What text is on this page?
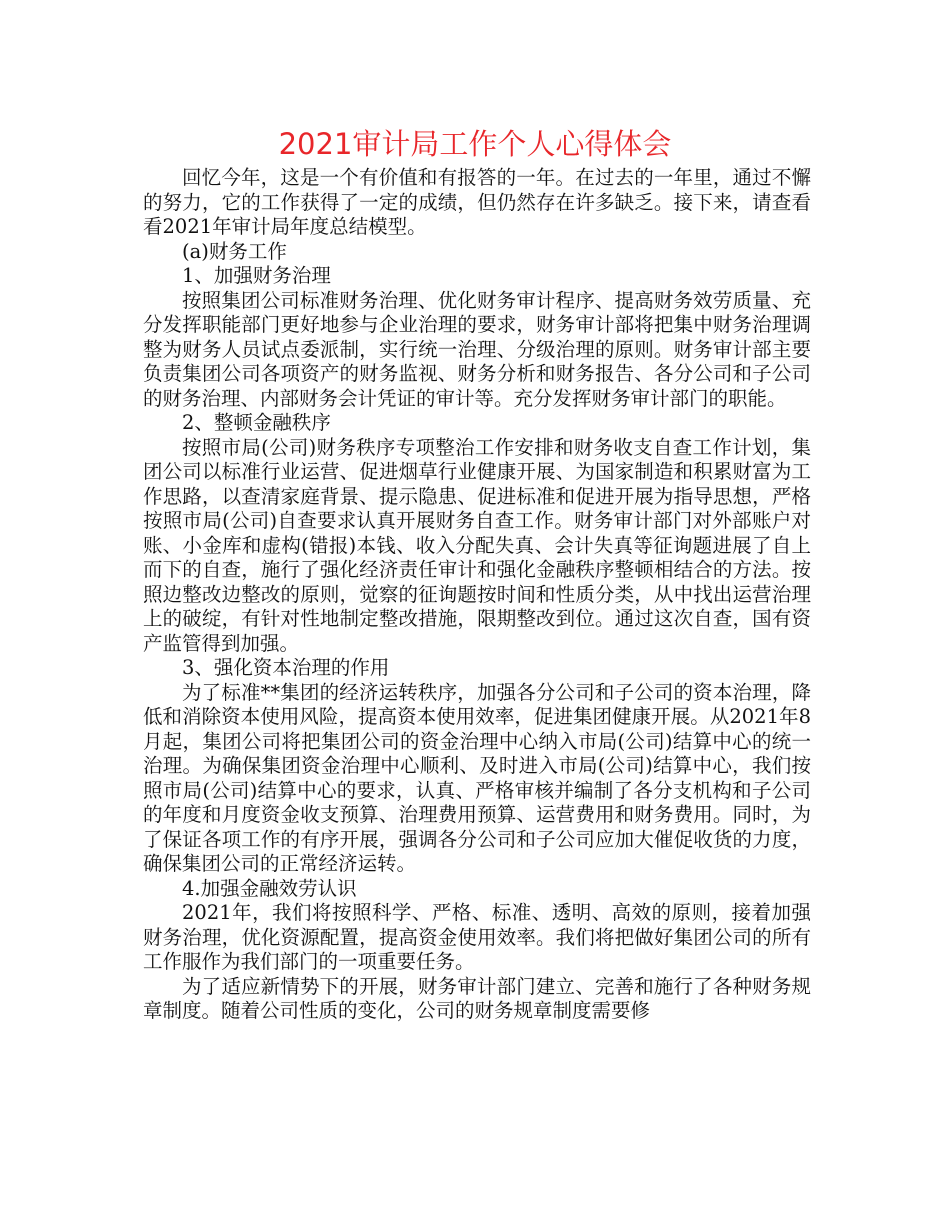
2021审计局工作个人心得体会

回忆今年，这是一个有价值和有报答的一年。在过去的一年里，通过不懈的努力，它的工作获得了一定的成绩，但仍然存在许多缺乏。接下来，请查看看2021年审计局年度总结模型。

(a)财务工作

1、加强财务治理

按照集团公司标准财务治理、优化财务审计程序、提高财务效劳质量、充分发挥职能部门更好地参与企业治理的要求，财务审计部将把集中财务治理调整为财务人员试点委派制，实行统一治理、分级治理的原则。财务审计部主要负责集团公司各项资产的财务监视、财务分析和财务报告、各分公司和子公司的财务治理、内部财务会计凭证的审计等。充分发挥财务审计部门的职能。

2、整顿金融秩序

按照市局(公司)财务秩序专项整治工作安排和财务收支自查工作计划，集团公司以标准行业运营、促进烟草行业健康开展、为国家制造和积累财富为工作思路，以查清家庭背景、提示隐患、促进标准和促进开展为指导思想，严格按照市局(公司)自查要求认真开展财务自查工作。财务审计部门对外部账户对账、小金库和虚构(错报)本钱、收入分配失真、会计失真等征询题进展了自上而下的自查，施行了强化经济责任审计和强化金融秩序整顿相结合的方法。按照边整改边整改的原则，觉察的征询题按时间和性质分类，从中找出运营治理上的破绽，有针对性地制定整改措施，限期整改到位。通过这次自查，国有资产监管得到加强。

3、强化资本治理的作用

为了标准**集团的经济运转秩序，加强各分公司和子公司的资本治理，降低和消除资本使用风险，提高资本使用效率，促进集团健康开展。从2021年8月起，集团公司将把集团公司的资金治理中心纳入市局(公司)结算中心的统一治理。为确保集团资金治理中心顺利、及时进入市局(公司)结算中心，我们按照市局(公司)结算中心的要求，认真、严格审核并编制了各分支机构和子公司的年度和月度资金收支预算、治理费用预算、运营费用和财务费用。同时，为了保证各项工作的有序开展，强调各分公司和子公司应加大催促收货的力度，确保集团公司的正常经济运转。

4.加强金融效劳认识

2021年，我们将按照科学、严格、标准、透明、高效的原则，接着加强财务治理，优化资源配置，提高资金使用效率。我们将把做好集团公司的所有工作服作为我们部门的一项重要任务。

为了适应新情势下的开展，财务审计部门建立、完善和施行了各种财务规章制度。随着公司性质的变化，公司的财务规章制度需要修
